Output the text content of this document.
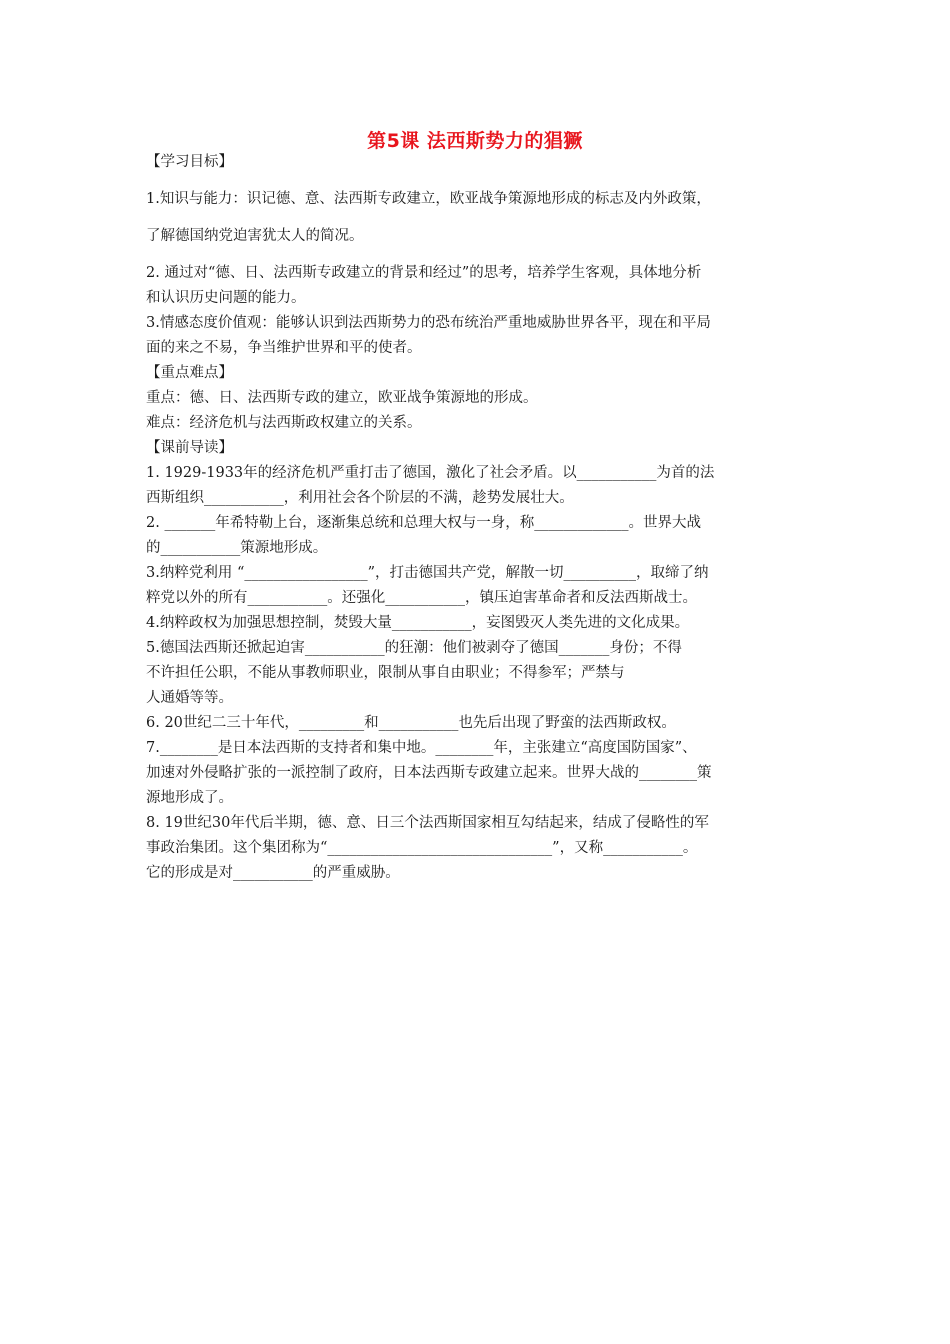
第5课 法西斯势力的猖獗

【学习目标】

1.知识与能力：识记德、意、法西斯专政建立，欧亚战争策源地形成的标志及内外政策，

了解德国纳党迫害犹太人的简况。

2. 通过对“德、日、法西斯专政建立的背景和经过”的思考，培养学生客观，具体地分析

和认识历史问题的能力。

3.情感态度价值观：能够认识到法西斯势力的恐布统治严重地威胁世界各平，现在和平局

面的来之不易，争当维护世界和平的使者。

【重点难点】

重点：德、日、法西斯专政的建立，欧亚战争策源地的形成。

难点：经济危机与法西斯政权建立的关系。

【课前导读】

1. 1929-1933年的经济危机严重打击了德国，激化了社会矛盾。以___________为首的法

西斯组织___________，利用社会各个阶层的不满，趁势发展壮大。

2. _______年希特勒上台，逐渐集总统和总理大权与一身，称_____________。世界大战

的___________策源地形成。

3.纳粹党利用 “_________________”，打击德国共产党，解散一切__________，取缔了纳

粹党以外的所有___________。还强化___________，镇压迫害革命者和反法西斯战士。

4.纳粹政权为加强思想控制，焚毁大量___________，妄图毁灭人类先进的文化成果。

5.德国法西斯还掀起迫害___________的狂潮：他们被剥夺了德国_______身份；不得

不许担任公职，不能从事教师职业，限制从事自由职业；不得参军；严禁与

人通婚等等。

6. 20世纪二三十年代，_________和___________也先后出现了野蛮的法西斯政权。

7.________是日本法西斯的支持者和集中地。________年，主张建立“高度国防国家”、

加速对外侵略扩张的一派控制了政府，日本法西斯专政建立起来。世界大战的________策

源地形成了。

8. 19世纪30年代后半期，德、意、日三个法西斯国家相互勾结起来，结成了侵略性的军

事政治集团。这个集团称为“_______________________________”，又称___________。

它的形成是对___________的严重威胁。
